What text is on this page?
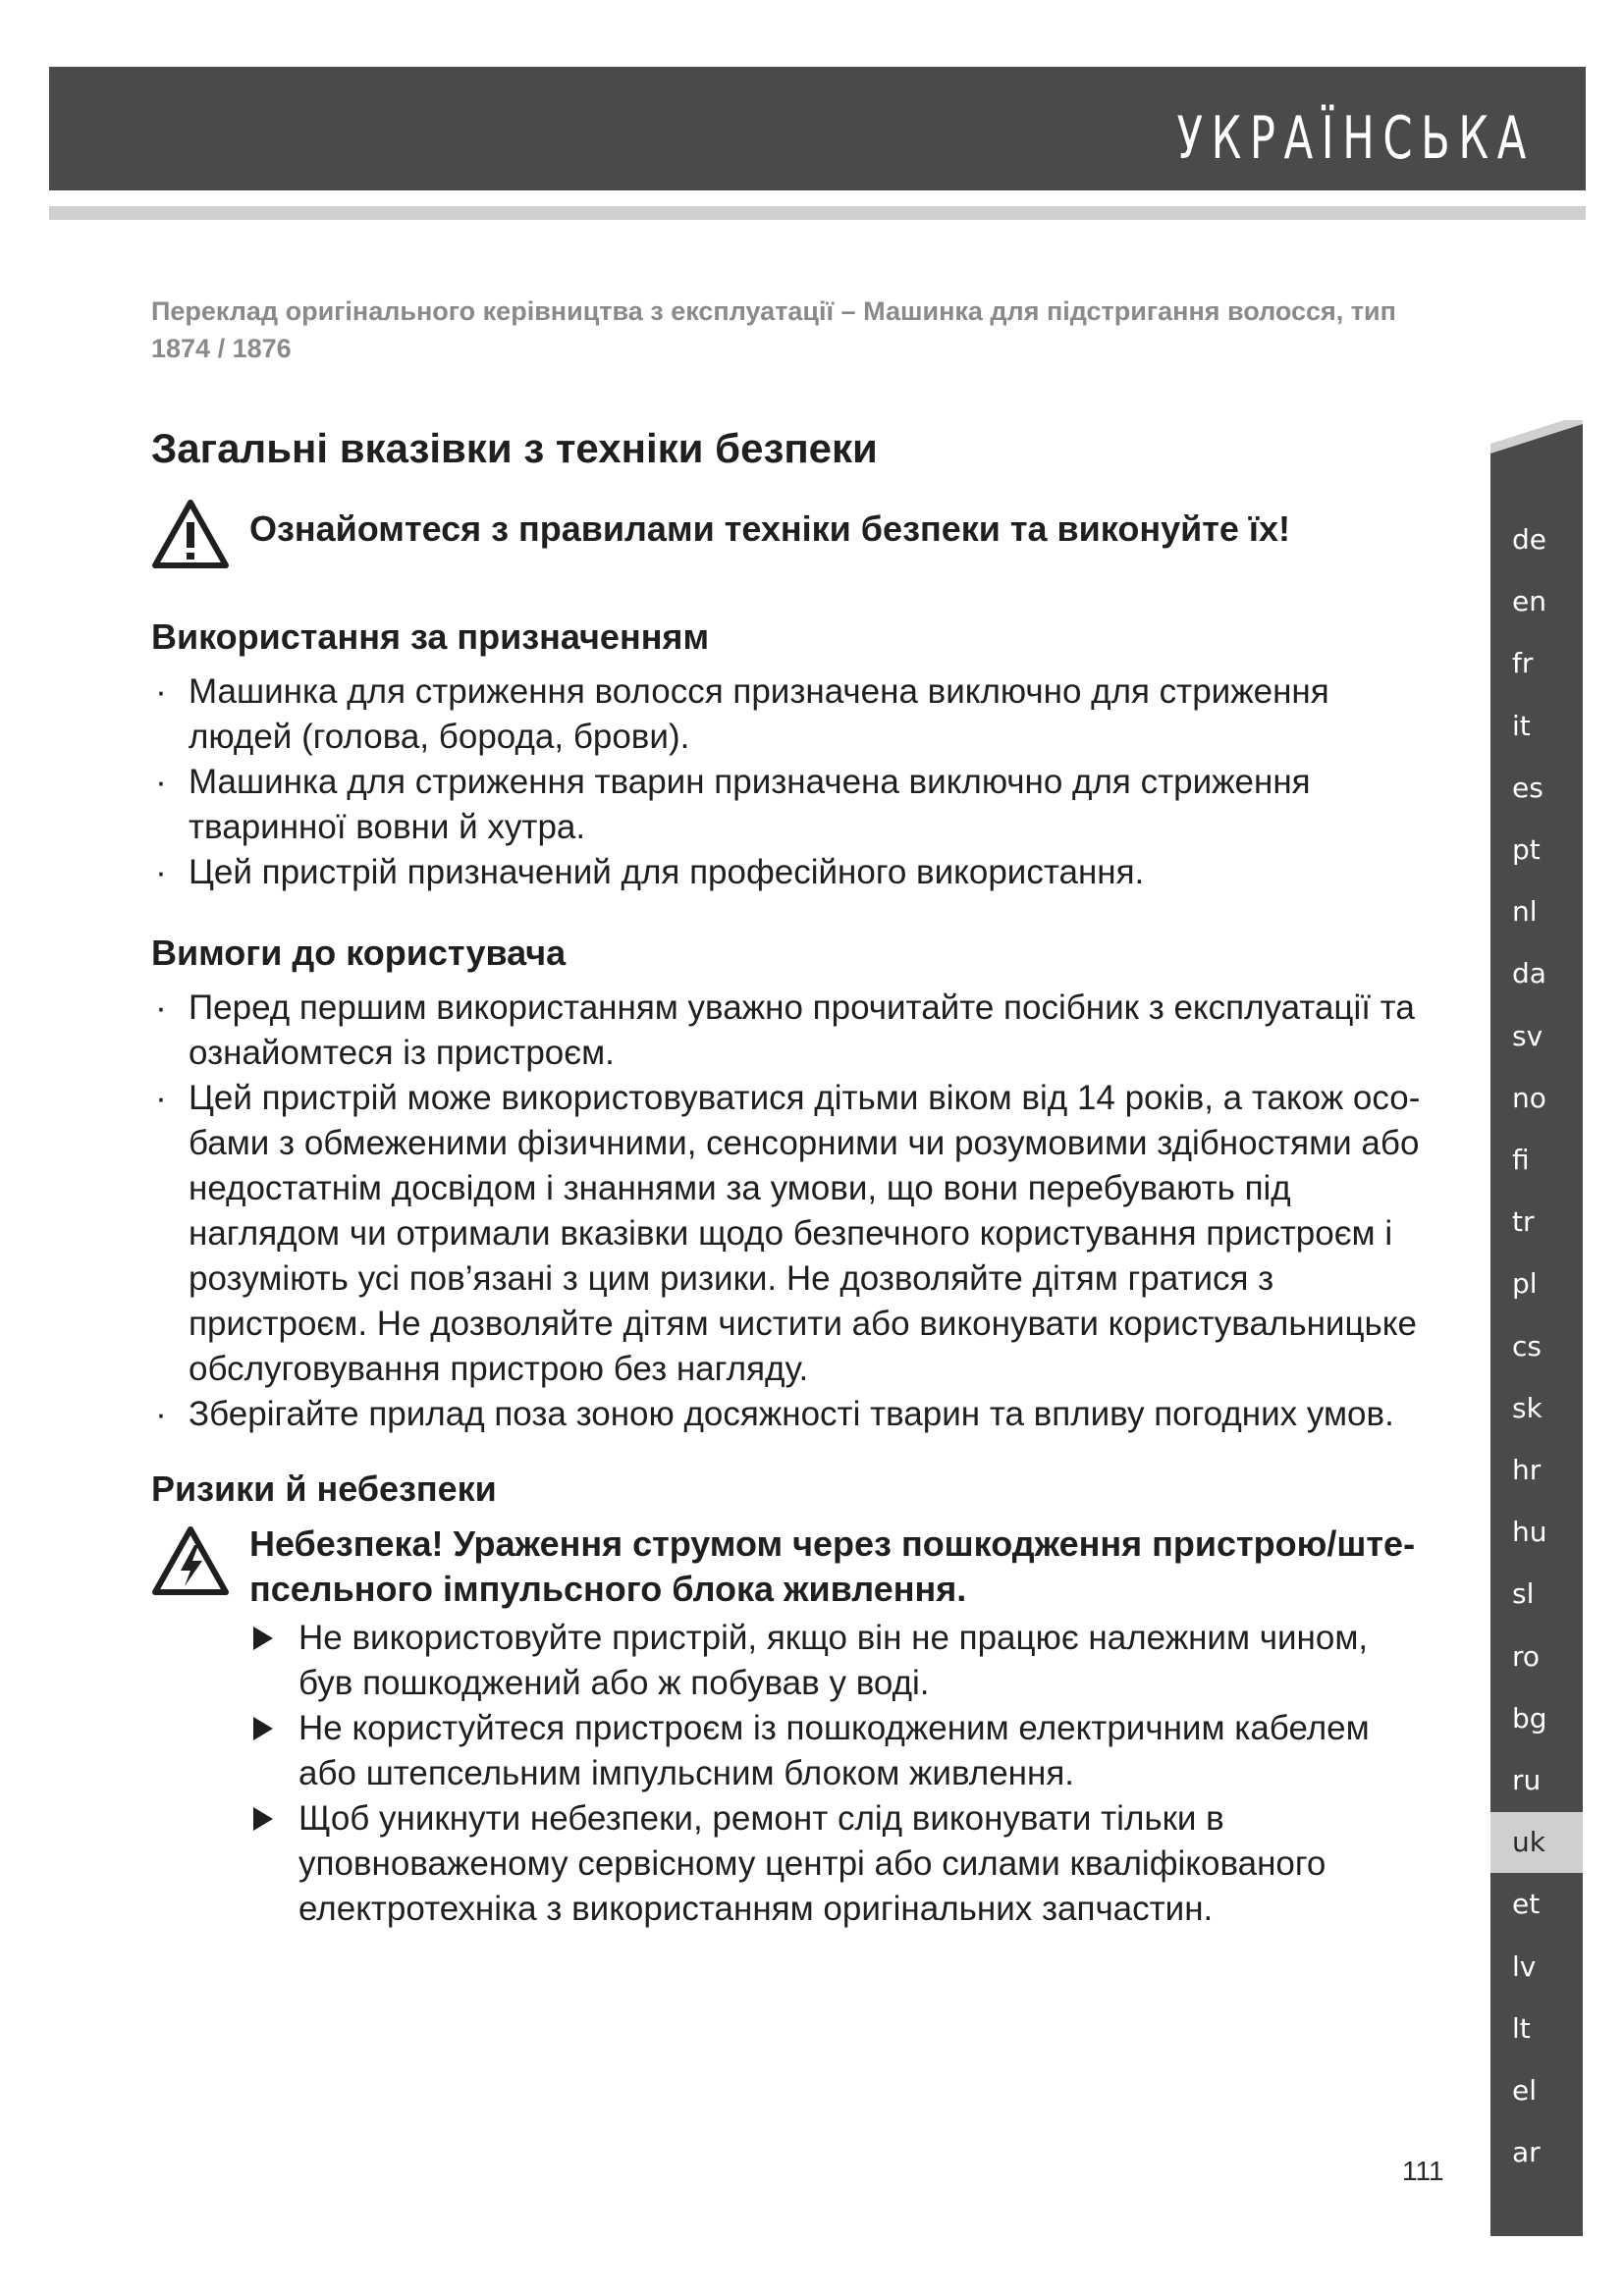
УКРАЇНСЬКА
Переклад оригінального керівництва з експлуатації – Машинка для підстригання волосся, тип 1874 / 1876
Загальні вказівки з техніки безпеки
Ознайомтеся з правилами техніки безпеки та виконуйте їх!
Використання за призначенням
· Машинка для стриження волосся призначена виключно для стриження людей (голова, борода, брови).
· Машинка для стриження тварин призначена виключно для стриження тваринної вовни й хутра.
· Цей пристрій призначений для професійного використання.
Вимоги до користувача
· Перед першим використанням уважно прочитайте посібник з експлуатації та ознайомтеся із пристроєм.
· Цей пристрій може використовуватися дітьми віком від 14 років, а також особами з обмеженими фізичними, сенсорними чи розумовими здібностями або недостатнім досвідом і знаннями за умови, що вони перебувають під наглядом чи отримали вказівки щодо безпечного користування пристроєм і розуміють усі пов’язані з цим ризики. Не дозволяйте дітям гратися з пристроєм. Не дозволяйте дітям чистити або виконувати користувальницьке обслуговування пристрою без нагляду.
· Зберігайте прилад поза зоною досяжності тварин та впливу погодних умов.
Ризики й небезпеки
Небезпека! Ураження струмом через пошкодження пристрою/штепсельного імпульсного блока живлення.
Не використовуйте пристрій, якщо він не працює належним чином, був пошкоджений або ж побував у воді.
Не користуйтеся пристроєм із пошкодженим електричним кабелем або штепсельним імпульсним блоком живлення.
Щоб уникнути небезпеки, ремонт слід виконувати тільки в уповноваженому сервісному центрі або силами кваліфікованого електротехніка з використанням оригінальних запчастин.
de
en
fr
it
es
pt
nl
da
sv
no
fi
tr
pl
cs
sk
hr
hu
sl
ro
bg
ru
uk
et
lv
lt
el
ar
111
